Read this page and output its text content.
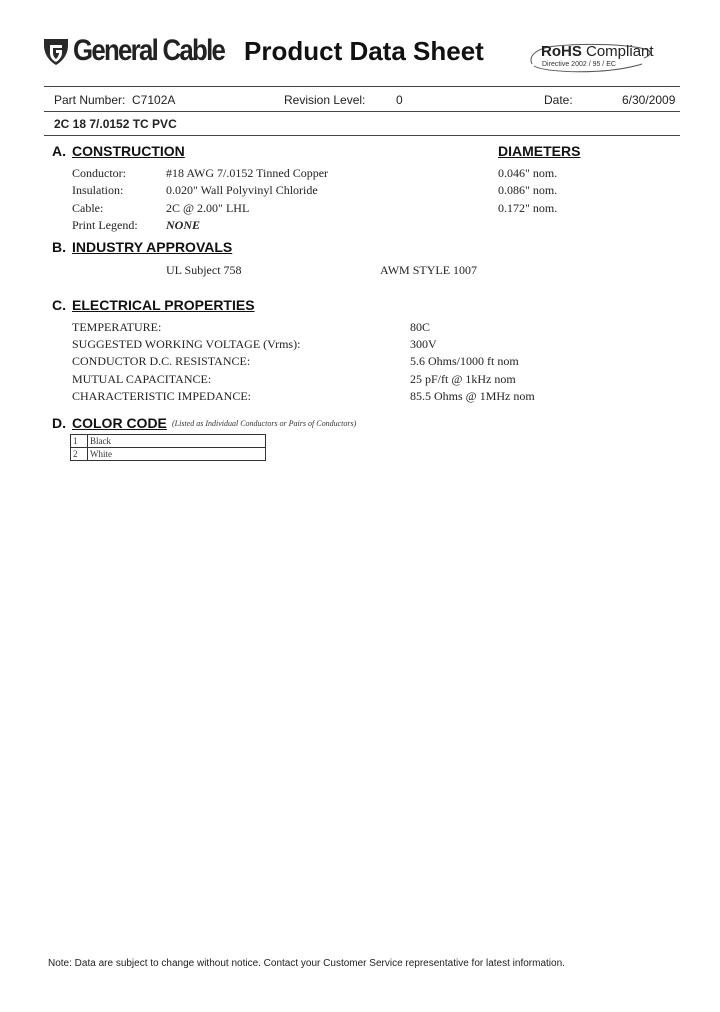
General Cable Product Data Sheet	RoHS Compliant
Directive 2002 / 95 / EC
Part Number: C7102A	Revision Level:	0	Date:	6/30/2009
2C 18 7/.0152 TC PVC
A. CONSTRUCTION	DIAMETERS
Conductor:	#18 AWG 7/.0152 Tinned Copper	0.046" nom.
Insulation:	0.020" Wall Polyvinyl Chloride	0.086" nom.
Cable:	2C @ 2.00" LHL	0.172" nom.
Print Legend: NONE
B. INDUSTRY APPROVALS
UL Subject 758	AWM STYLE 1007
C. ELECTRICAL PROPERTIES
TEMPERATURE:	80C
SUGGESTED WORKING VOLTAGE (Vrms):	300V
CONDUCTOR D.C. RESISTANCE:	5.6 Ohms/1000 ft nom
MUTUAL CAPACITANCE:	25 pF/ft @ 1kHz nom
CHARACTERISTIC IMPEDANCE:	85.5 Ohms @ 1MHz nom
D. COLOR CODE (Listed as Individual Conductors or Pairs of Conductors)
1	Black
2	White
Note: Data are subject to change without notice. Contact your Customer Service representative for latest information.
